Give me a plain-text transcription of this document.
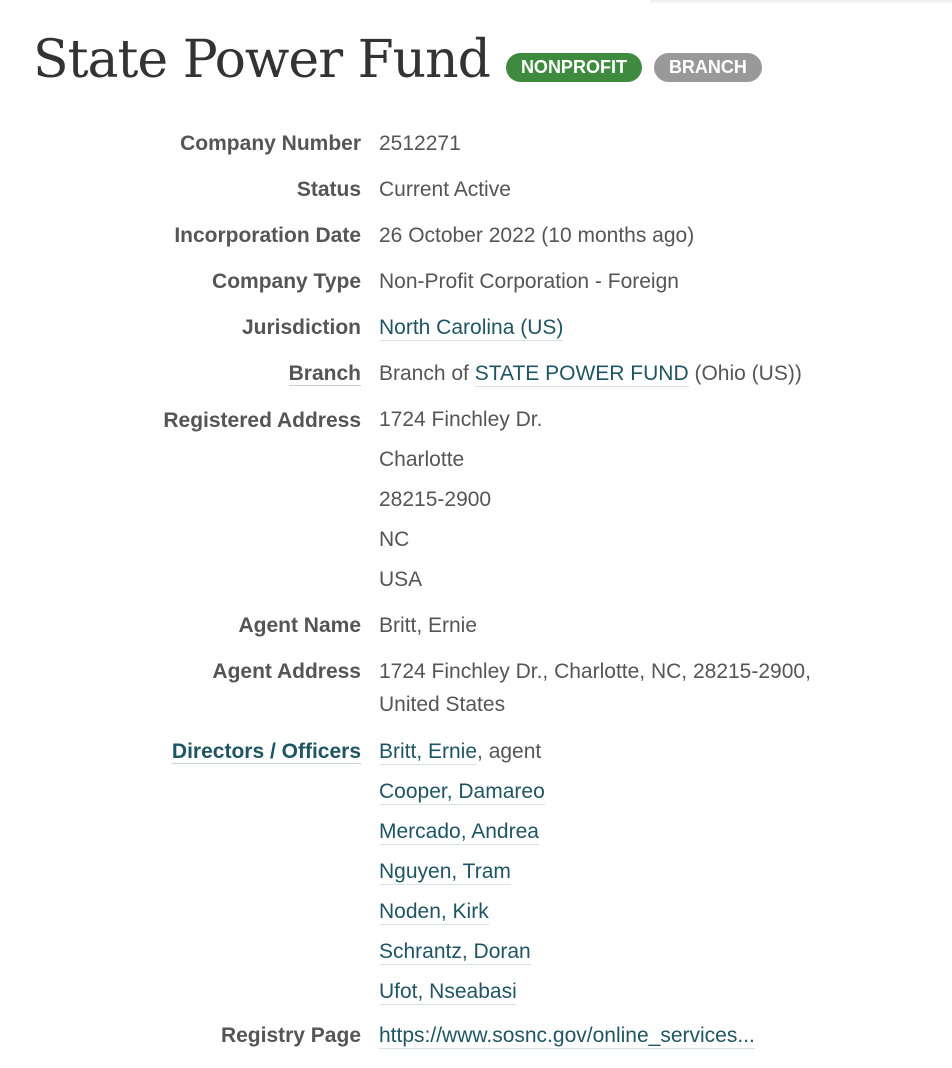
State Power Fund	NONPROFIT	BRANCH
Company Number 2512271
Status Current Active
Incorporation Date 26 October 2022 (10 months ago)
Company Type Non-Profit Corporation - Foreign
Jurisdiction North Carolina (US)
Branch Branch of STATE POWER FUND (Ohio (US))
Registered Address 1724 Finchley Dr.
Charlotte
28215-2900
NC
USA
Agent Name Britt, Ernie
Agent Address 1724 Finchley Dr., Charlotte, NC, 28215-2900,
United States
Directors / Officers Britt, Ernie, agent
Cooper, Damareo
Mercado, Andrea
Nguyen, Tram
Noden, Kirk
Schrantz, Doran
Ufot, Nseabasi
Registry Page https://www.sosnc.gov/online_services...
